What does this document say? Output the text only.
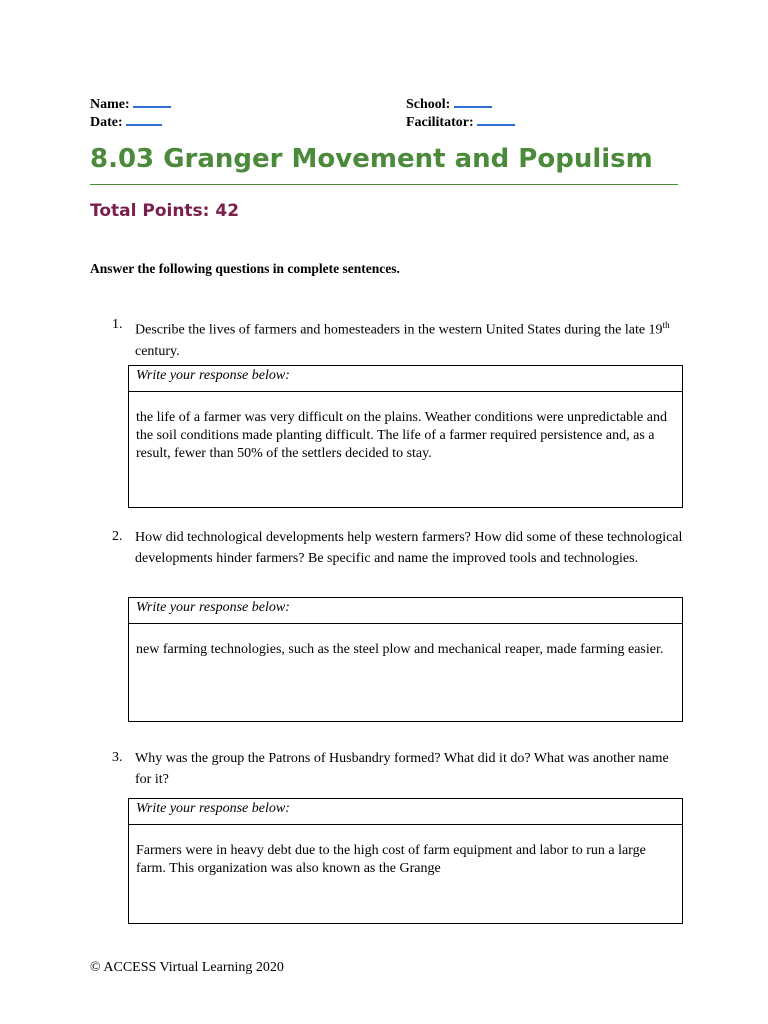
Name:
Date:
School:
Facilitator:
8.03 Granger Movement and Populism
Total Points: 42
Answer the following questions in complete sentences.
1. Describe the lives of farmers and homesteaders in the western United States during the late 19th century.
Write your response below:
the life of a farmer was very difficult on the plains. Weather conditions were unpredictable and the soil conditions made planting difficult. The life of a farmer required persistence and, as a result, fewer than 50% of the settlers decided to stay.
2. How did technological developments help western farmers? How did some of these technological developments hinder farmers? Be specific and name the improved tools and technologies.
Write your response below:
new farming technologies, such as the steel plow and mechanical reaper, made farming easier.
3. Why was the group the Patrons of Husbandry formed? What did it do? What was another name for it?
Write your response below:
Farmers were in heavy debt due to the high cost of farm equipment and labor to run a large farm. This organization was also known as the Grange
© ACCESS Virtual Learning 2020
